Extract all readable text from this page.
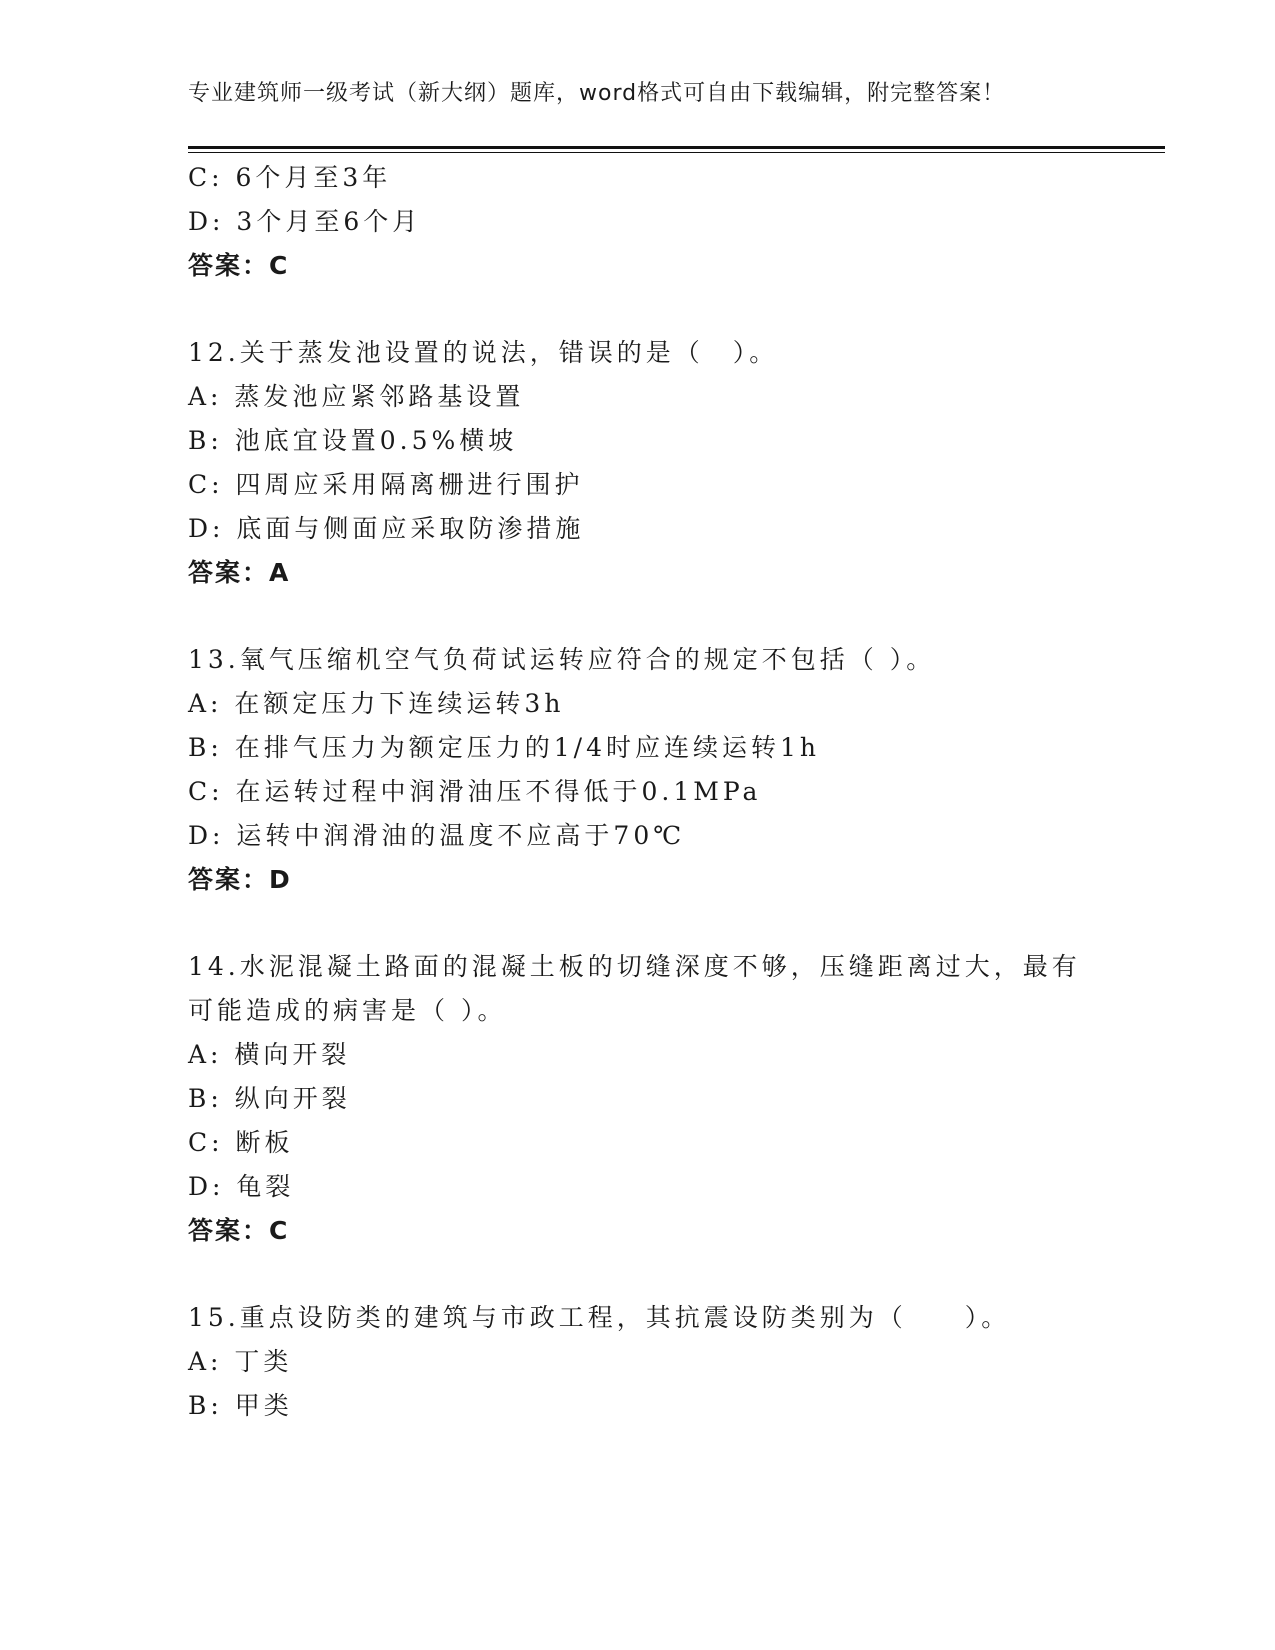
专业建筑师一级考试（新大纲）题库，word格式可自由下载编辑，附完整答案！
C: 6个月至3年
D: 3个月至6个月
答案：C
12.关于蒸发池设置的说法，错误的是（　）。
A: 蒸发池应紧邻路基设置
B: 池底宜设置0.5%横坡
C: 四周应采用隔离栅进行围护
D: 底面与侧面应采取防渗措施
答案：A
13.氧气压缩机空气负荷试运转应符合的规定不包括（ ）。
A: 在额定压力下连续运转3h
B: 在排气压力为额定压力的1/4时应连续运转1h
C: 在运转过程中润滑油压不得低于0.1MPa
D: 运转中润滑油的温度不应高于70℃
答案：D
14.水泥混凝土路面的混凝土板的切缝深度不够，压缝距离过大，最有
可能造成的病害是（ ）。
A: 横向开裂
B: 纵向开裂
C: 断板
D: 龟裂
答案：C
15.重点设防类的建筑与市政工程，其抗震设防类别为（　　）。
A: 丁类
B: 甲类
